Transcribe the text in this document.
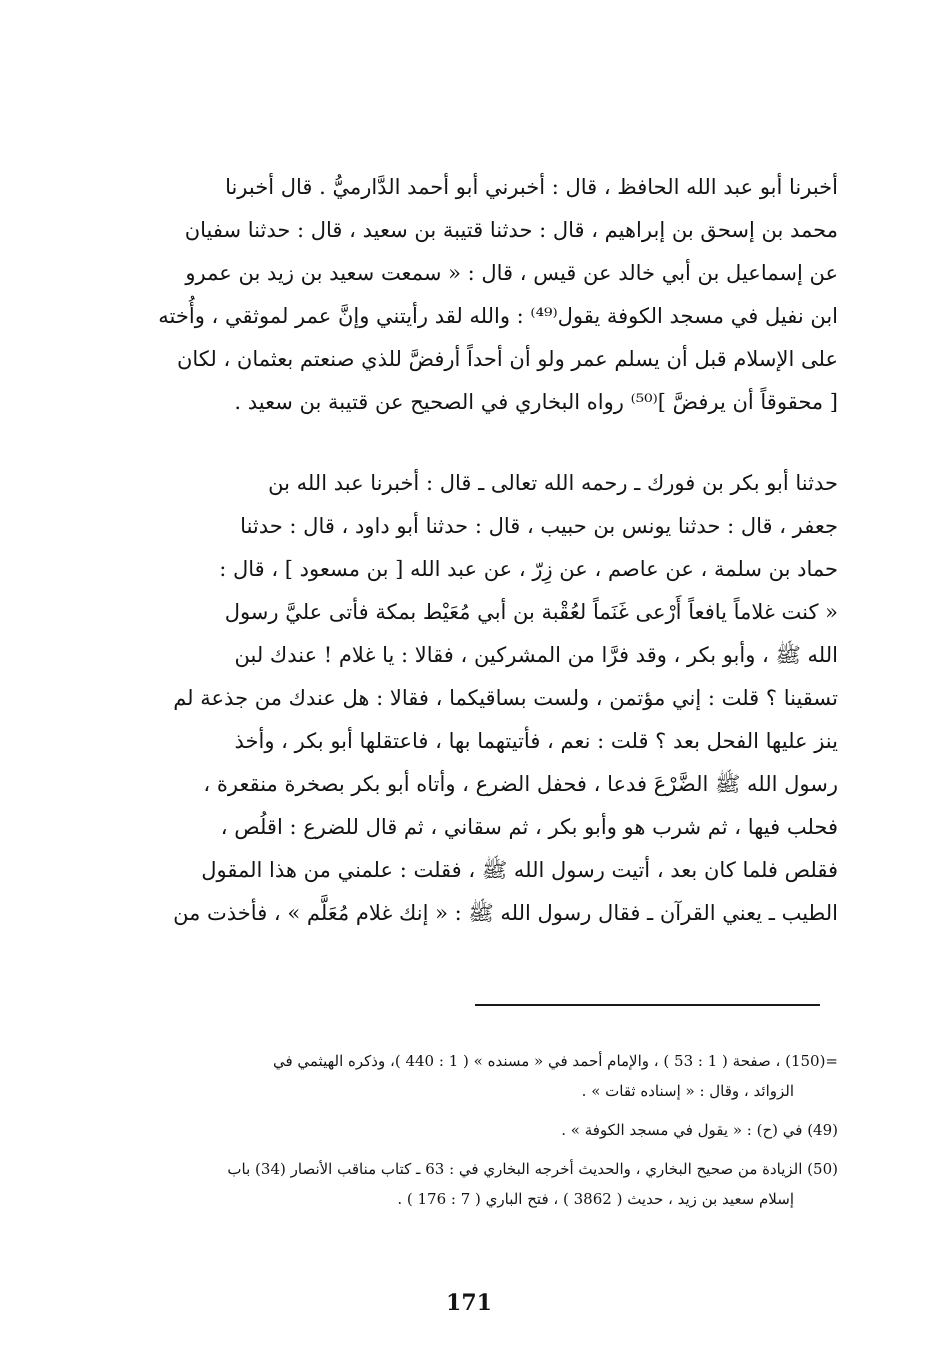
أخبرنا أبو عبد الله الحافظ ، قال : أخبرني أبو أحمد الدَّارميُّ . قال أخبرنا
محمد بن إسحق بن إبراهيم ، قال : حدثنا قتيبة بن سعيد ، قال : حدثنا سفيان
عن إسماعيل بن أبي خالد عن قيس ، قال : « سمعت سعيد بن زيد بن عمرو
ابن نفيل في مسجد الكوفة يقول⁽⁴⁹⁾ : والله لقد رأيتني وإنَّ عمر لموثقي ، وأُخته
على الإسلام قبل أن يسلم عمر ولو أن أحداً أرفضَّ للذي صنعتم بعثمان ، لكان
[ محقوقاً أن يرفضَّ ]⁽⁵⁰⁾ رواه البخاري في الصحيح عن قتيبة بن سعيد .
حدثنا أبو بكر بن فورك ـ رحمه الله تعالى ـ قال : أخبرنا عبد الله بن
جعفر ، قال : حدثنا يونس بن حبيب ، قال : حدثنا أبو داود ، قال : حدثنا
حماد بن سلمة ، عن عاصم ، عن زِرّ ، عن عبد الله [ بن مسعود ] ، قال :
« كنت غلاماً يافعاً أَرْعى غَنَماً لعُقْبة بن أبي مُعَيْط بمكة فأتى عليَّ رسول
الله ﷺ ، وأبو بكر ، وقد فرَّا من المشركين ، فقالا : يا غلام ! عندك لبن
تسقينا ؟ قلت : إني مؤتمن ، ولست بساقيكما ، فقالا : هل عندك من جذعة لم
ينز عليها الفحل بعد ؟ قلت : نعم ، فأتيتهما بها ، فاعتقلها أبو بكر ، وأخذ
رسول الله ﷺ الضَّرْعَ فدعا ، فحفل الضرع ، وأتاه أبو بكر بصخرة منقعرة ،
فحلب فيها ، ثم شرب هو وأبو بكر ، ثم سقاني ، ثم قال للضرع : اقلُص ،
فقلص فلما كان بعد ، أتيت رسول الله ﷺ ، فقلت : علمني من هذا المقول
الطيب ـ يعني القرآن ـ فقال رسول الله ﷺ : « إنك غلام مُعَلَّم » ، فأخذت من
=(150) ، صفحة ( 1 : 53 ) ، والإمام أحمد في « مسنده » ( 1 : 440 )، وذكره الهيثمي في
الزوائد ، وقال : « إسناده ثقات » .
(49) في (ح) : « يقول في مسجد الكوفة » .
(50) الزيادة من صحيح البخاري ، والحديث أخرجه البخاري في : 63 ـ كتاب مناقب الأنصار (34) باب
إسلام سعيد بن زيد ، حديث ( 3862 ) ، فتح الباري ( 7 : 176 ) .
171
